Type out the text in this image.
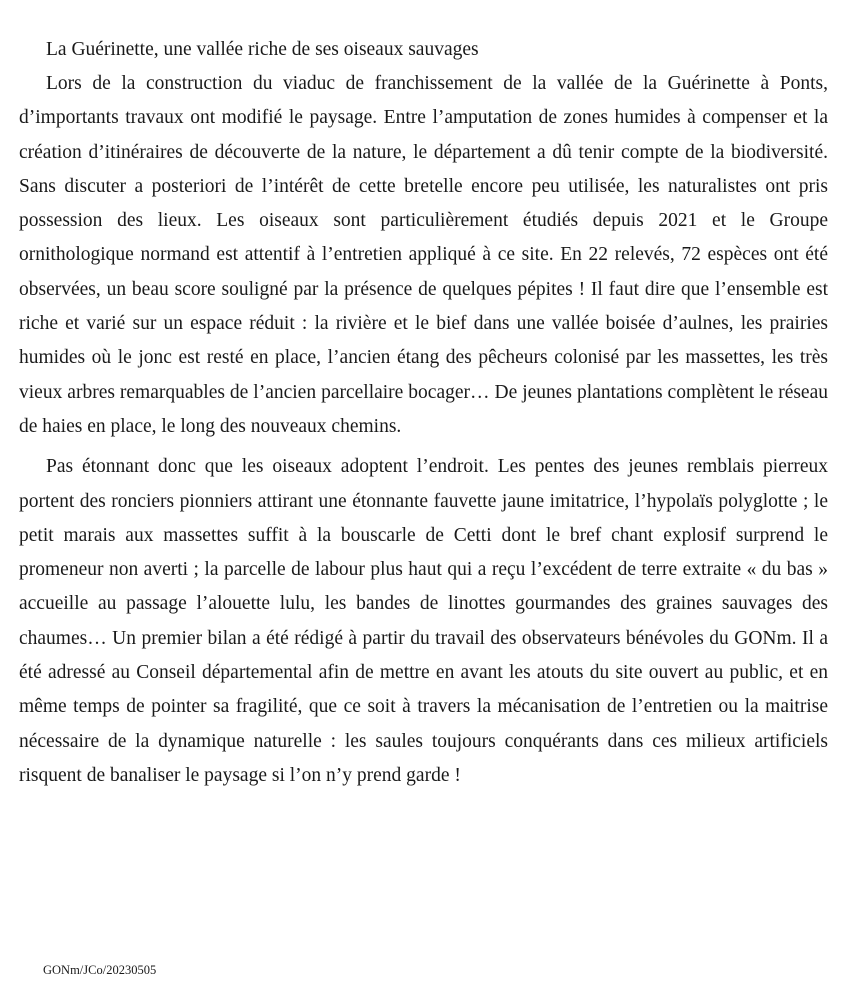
La Guérinette, une vallée riche de ses oiseaux sauvages

Lors de la construction du viaduc de franchissement de la vallée de la Guérinette à Ponts, d’importants travaux ont modifié le paysage. Entre l’amputation de zones humides à compenser et la création d’itinéraires de découverte de la nature, le département a dû tenir compte de la biodiversité. Sans discuter a posteriori de l’intérêt de cette bretelle encore peu utilisée, les naturalistes ont pris possession des lieux. Les oiseaux sont particulièrement étudiés depuis 2021 et le Groupe ornithologique normand est attentif à l’entretien appliqué à ce site. En 22 relevés, 72 espèces ont été observées, un beau score souligné par la présence de quelques pépites ! Il faut dire que l’ensemble est riche et varié sur un espace réduit : la rivière et le bief dans une vallée boisée d’aulnes, les prairies humides où le jonc est resté en place, l’ancien étang des pêcheurs colonisé par les massettes, les très vieux arbres remarquables de l’ancien parcellaire bocager… De jeunes plantations complètent le réseau de haies en place, le long des nouveaux chemins.

Pas étonnant donc que les oiseaux adoptent l’endroit. Les pentes des jeunes remblais pierreux portent des ronciers pionniers attirant une étonnante fauvette jaune imitatrice, l’hypolaïs polyglotte ; le petit marais aux massettes suffit à la bouscarle de Cetti dont le bref chant explosif surprend le promeneur non averti ; la parcelle de labour plus haut qui a reçu l’excédent de terre extraite « du bas » accueille au passage l’alouette lulu, les bandes de linottes gourmandes des graines sauvages des chaumes… Un premier bilan a été rédigé à partir du travail des observateurs bénévoles du GONm. Il a été adressé au Conseil départemental afin de mettre en avant les atouts du site ouvert au public, et en même temps de pointer sa fragilité, que ce soit à travers la mécanisation de l’entretien ou la maitrise nécessaire de la dynamique naturelle : les saules toujours conquérants dans ces milieux artificiels risquent de banaliser le paysage si l’on n’y prend garde !

GONm/JCo/20230505
